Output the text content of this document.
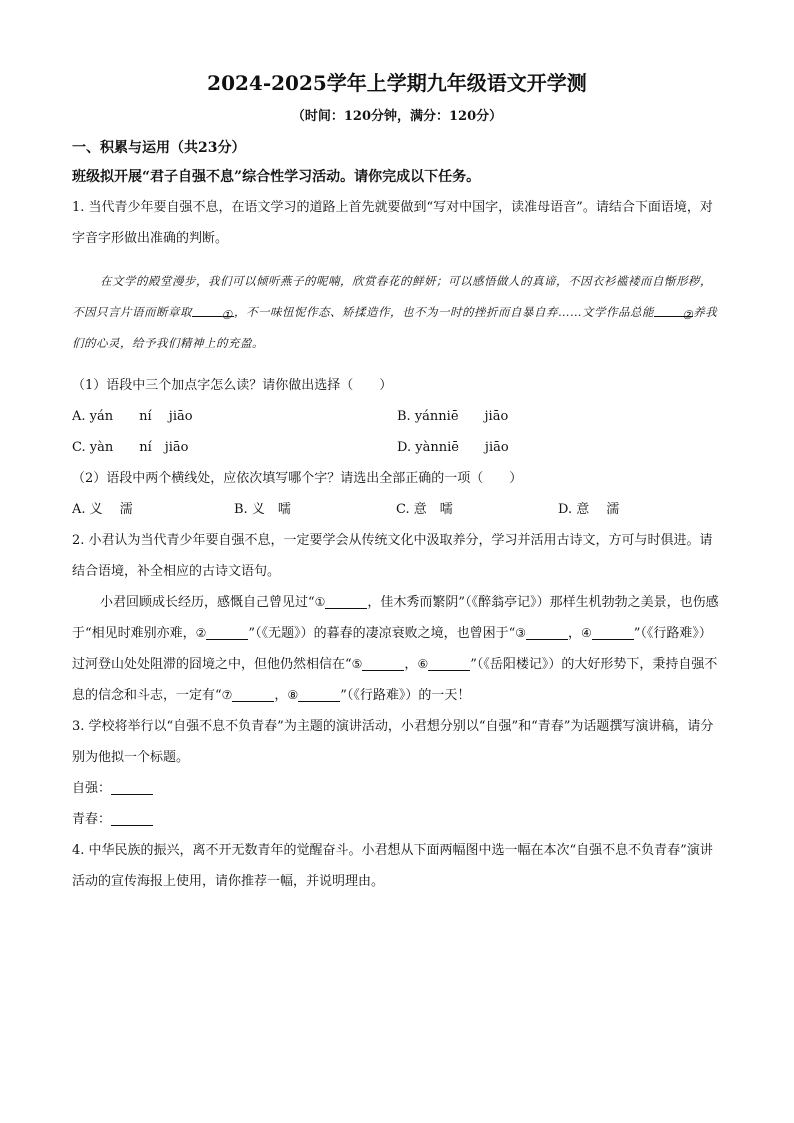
2024-2025学年上学期九年级语文开学测
（时间：120分钟，满分：120分）
一、积累与运用（共23分）
班级拟开展“君子自强不息”综合性学习活动。请你完成以下任务。

1. 当代青少年要自强不息，在语文学习的道路上首先就要做到“写对中国字，读准母语音”。请结合下面语境，对字音字形做出准确的判断。

在文学的殿堂漫步，我们可以倾听燕子的呢喃，欣赏春花的鲜妍；可以感悟做人的真谛，不因衣衫褴褛而自惭形秽，不因只言片语而断章取 ①，不一味忸怩作态、矫揉造作，也不为一时的挫折而自暴自弃……文学作品总能 ②养我们的心灵，给予我们精神上的充盈。

（1）语段中三个加点字怎么读？请你做出选择（　　）

A. yán　　ní　 jiāo	B. yánniē　　jiāo
C. yàn　　ní　jiāo	D. yànniē　　jiāo

（2）语段中两个横线处，应依次填写哪个字？请选出全部正确的一项（　　）

A. 义　 濡	B. 义　嚅	C. 意　嚅	D. 意　 濡

2. 小君认为当代青少年要自强不息，一定要学会从传统文化中汲取养分，学习并活用古诗文，方可与时俱进。请结合语境，补全相应的古诗文语句。

小君回顾成长经历，感慨自己曾见过“①	，佳木秀而繁阴”（《醉翁亭记》）那样生机勃勃之美景，也伤感于“相见时难别亦难，②	”（《无题》）的暮春的凄凉衰败之境，也曾困于“③	，④	”（《行路难》）过河登山处处阻滞的囧境之中，但他仍然相信在“⑤	，⑥	”（《岳阳楼记》）的大好形势下，秉持自强不息的信念和斗志，一定有“⑦	，⑧	”（《行路难》）的一天！

3. 学校将举行以“自强不息不负青春”为主题的演讲活动，小君想分别以“自强”和“青春”为话题撰写演讲稿，请分别为他拟一个标题。

自强：

青春：

4. 中华民族的振兴，离不开无数青年的觉醒奋斗。小君想从下面两幅图中选一幅在本次“自强不息不负青春”演讲活动的宣传海报上使用，请你推荐一幅，并说明理由。
